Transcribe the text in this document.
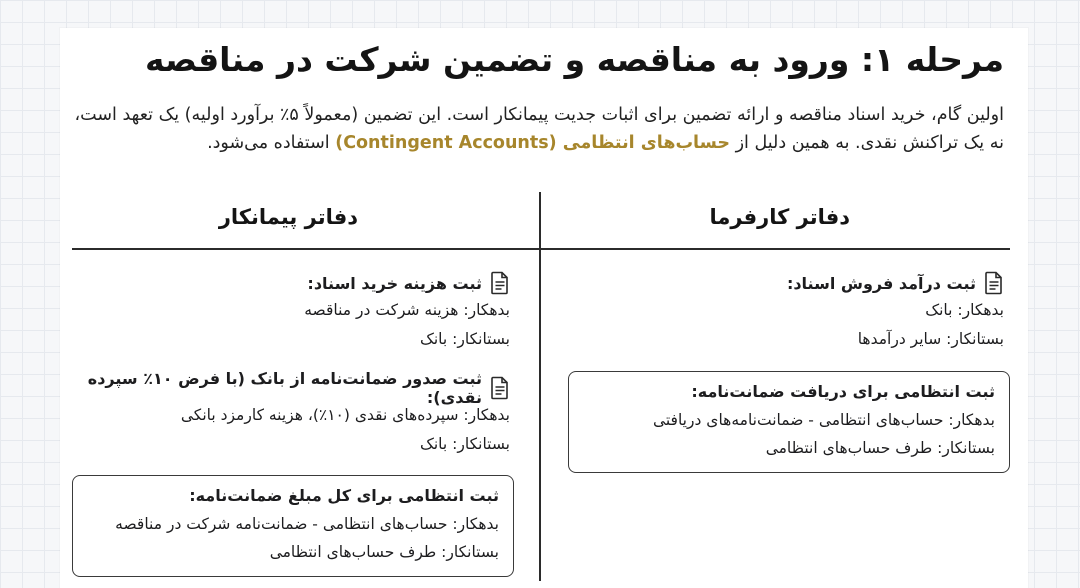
مرحله ۱: ورود به مناقصه و تضمین شرکت در مناقصه

اولین گام، خرید اسناد مناقصه و ارائه تضمین برای اثبات جدیت پیمانکار است. این تضمین (معمولاً ۵٪ برآورد اولیه) یک تعهد است، نه یک تراکنش نقدی. به همین دلیل از حساب‌های انتظامی (Contingent Accounts) استفاده می‌شود.

دفاتر کارفرما
دفاتر پیمانکار
ثبت درآمد فروش اسناد:
بدهکار: بانک
بستانکار: سایر درآمدها
ثبت انتظامی برای دریافت ضمانت‌نامه:
بدهکار: حساب‌های انتظامی - ضمانت‌نامه‌های دریافتی
بستانکار: طرف حساب‌های انتظامی
ثبت هزینه خرید اسناد:
بدهکار: هزینه شرکت در مناقصه
بستانکار: بانک
ثبت صدور ضمانت‌نامه از بانک (با فرض ۱۰٪ سپرده نقدی):
بدهکار: سپرده‌های نقدی (۱۰٪)، هزینه کارمزد بانکی
بستانکار: بانک
ثبت انتظامی برای کل مبلغ ضمانت‌نامه:
بدهکار: حساب‌های انتظامی - ضمانت‌نامه شرکت در مناقصه
بستانکار: طرف حساب‌های انتظامی
